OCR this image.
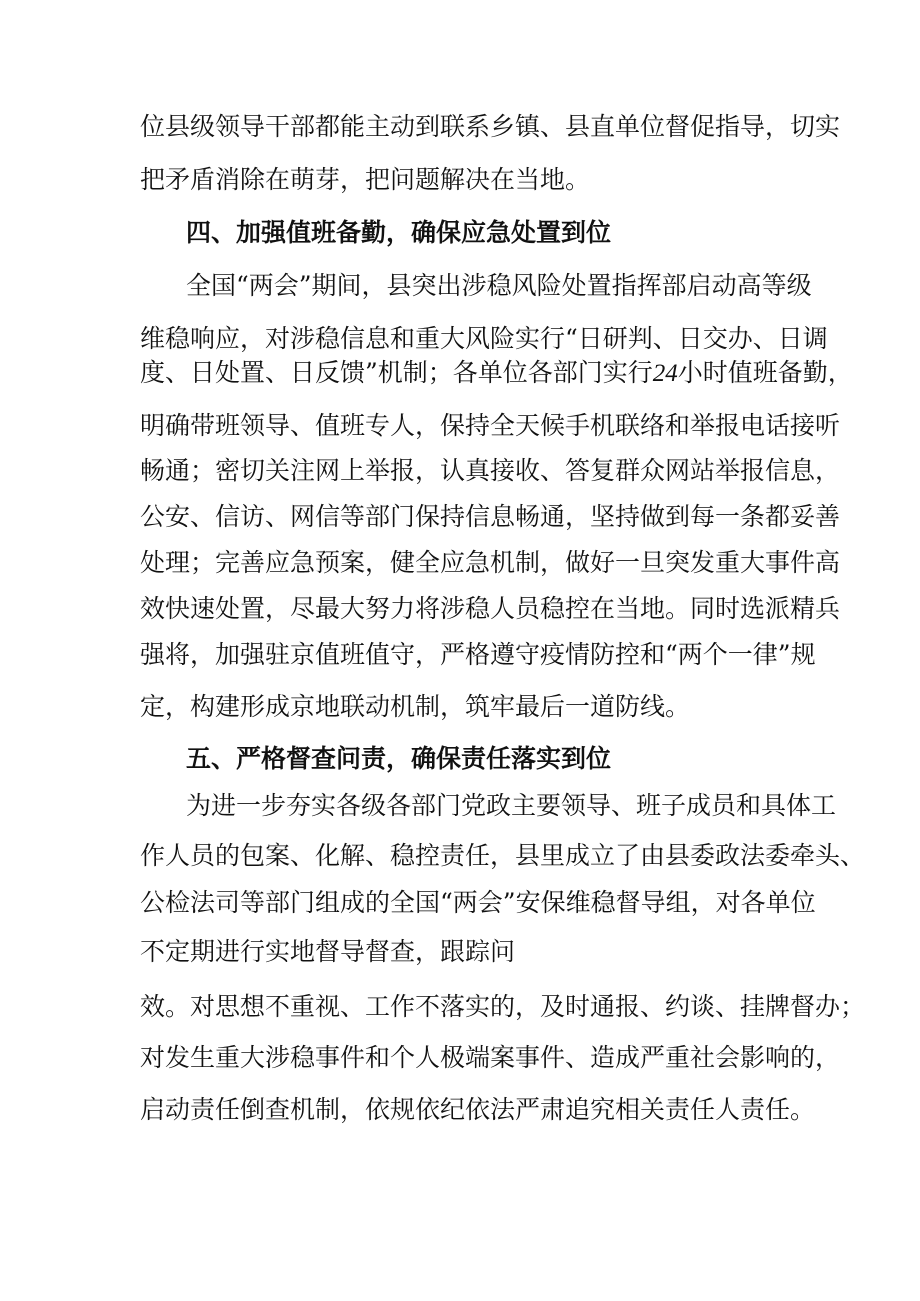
位县级领导干部都能主动到联系乡镇、县直单位督促指导，切实

把矛盾消除在萌芽，把问题解决在当地。

四、加强值班备勤，确保应急处置到位

全国“两会”期间，县突出涉稳风险处置指挥部启动高等级

维稳响应，对涉稳信息和重大风险实行“日研判、日交办、日调

度、日处置、日反馈”机制；各单位各部门实行24小时值班备勤，

明确带班领导、值班专人，保持全天候手机联络和举报电话接听

畅通；密切关注网上举报，认真接收、答复群众网站举报信息，

公安、信访、网信等部门保持信息畅通，坚持做到每一条都妥善

处理；完善应急预案，健全应急机制，做好一旦突发重大事件高

效快速处置，尽最大努力将涉稳人员稳控在当地。同时选派精兵

强将，加强驻京值班值守，严格遵守疫情防控和“两个一律”规

定，构建形成京地联动机制，筑牢最后一道防线。

五、严格督查问责，确保责任落实到位

为进一步夯实各级各部门党政主要领导、班子成员和具体工

作人员的包案、化解、稳控责任，县里成立了由县委政法委牵头、

公检法司等部门组成的全国“两会”安保维稳督导组，对各单位

不定期进行实地督导督查，跟踪问

效。对思想不重视、工作不落实的，及时通报、约谈、挂牌督办；

对发生重大涉稳事件和个人极端案事件、造成严重社会影响的，

启动责任倒查机制，依规依纪依法严肃追究相关责任人责任。
